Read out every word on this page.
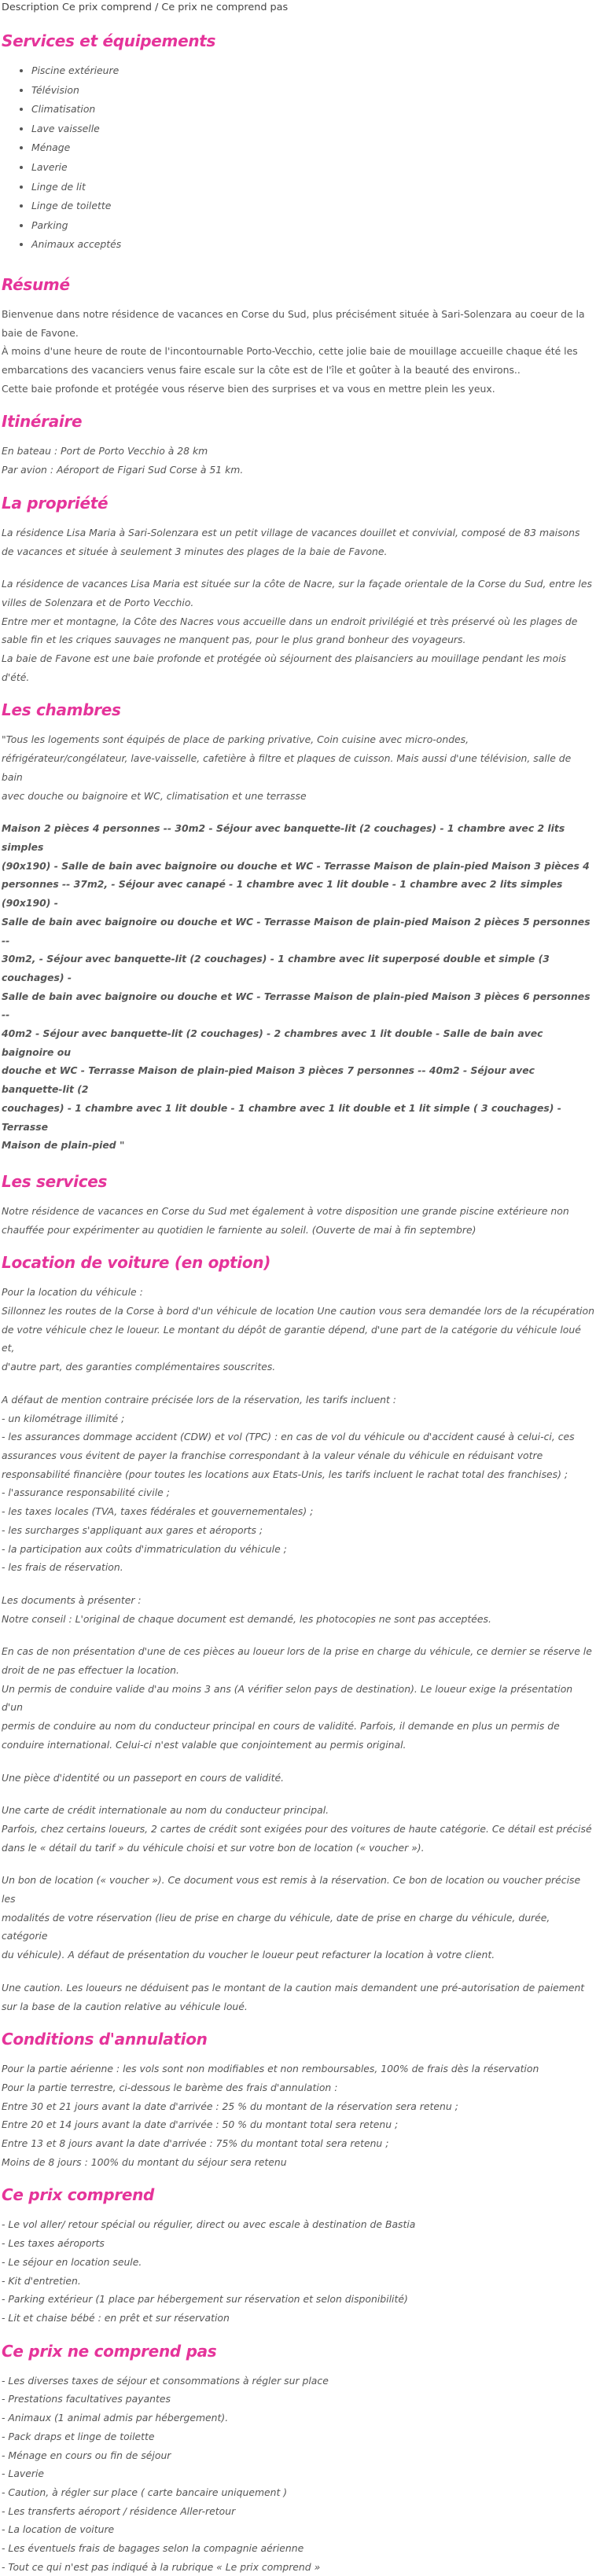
Description Ce prix comprend / Ce prix ne comprend pas

Services et équipements
• Piscine extérieure
• Télévision
• Climatisation
• Lave vaisselle
• Ménage
• Laverie
• Linge de lit
• Linge de toilette
• Parking
• Animaux acceptés
Résumé

Bienvenue dans notre résidence de vacances en Corse du Sud, plus précisément située à Sari-Solenzara au coeur de la

baie de Favone.

À moins d'une heure de route de l'incontournable Porto-Vecchio, cette jolie baie de mouillage accueille chaque été les

embarcations des vacanciers venus faire escale sur la côte est de l'île et goûter à la beauté des environs..

Cette baie profonde et protégée vous réserve bien des surprises et va vous en mettre plein les yeux.

Itinéraire

En bateau : Port de Porto Vecchio à 28 km

Par avion : Aéroport de Figari Sud Corse à 51 km.

La propriété

La résidence Lisa Maria à Sari-Solenzara est un petit village de vacances douillet et convivial, composé de 83 maisons

de vacances et située à seulement 3 minutes des plages de la baie de Favone.

La résidence de vacances Lisa Maria est située sur la côte de Nacre, sur la façade orientale de la Corse du Sud, entre les

villes de Solenzara et de Porto Vecchio.

Entre mer et montagne, la Côte des Nacres vous accueille dans un endroit privilégié et très préservé où les plages de

sable fin et les criques sauvages ne manquent pas, pour le plus grand bonheur des voyageurs.

La baie de Favone est une baie profonde et protégée où séjournent des plaisanciers au mouillage pendant les mois d'été.

Les chambres

"Tous les logements sont équipés de place de parking privative, Coin cuisine avec micro-ondes,

réfrigérateur/congélateur, lave-vaisselle, cafetière à filtre et plaques de cuisson. Mais aussi d'une télévision, salle de bain

avec douche ou baignoire et WC, climatisation et une terrasse

Maison 2 pièces 4 personnes -- 30m2 - Séjour avec banquette-lit (2 couchages) - 1 chambre avec 2 lits simples

(90x190) - Salle de bain avec baignoire ou douche et WC - Terrasse Maison de plain-pied Maison 3 pièces 4

personnes -- 37m2, - Séjour avec canapé - 1 chambre avec 1 lit double - 1 chambre avec 2 lits simples (90x190) -

Salle de bain avec baignoire ou douche et WC - Terrasse Maison de plain-pied Maison 2 pièces 5 personnes --

30m2, - Séjour avec banquette-lit (2 couchages) - 1 chambre avec lit superposé double et simple (3 couchages) -

Salle de bain avec baignoire ou douche et WC - Terrasse Maison de plain-pied Maison 3 pièces 6 personnes --

40m2 - Séjour avec banquette-lit (2 couchages) - 2 chambres avec 1 lit double - Salle de bain avec baignoire ou

douche et WC - Terrasse Maison de plain-pied Maison 3 pièces 7 personnes -- 40m2 - Séjour avec banquette-lit (2

couchages) - 1 chambre avec 1 lit double - 1 chambre avec 1 lit double et 1 lit simple ( 3 couchages) - Terrasse

Maison de plain-pied "

Les services

Notre résidence de vacances en Corse du Sud met également à votre disposition une grande piscine extérieure non

chauffée pour expérimenter au quotidien le farniente au soleil. (Ouverte de mai à fin septembre)

Location de voiture (en option)

Pour la location du véhicule :

Sillonnez les routes de la Corse à bord d'un véhicule de location Une caution vous sera demandée lors de la récupération

de votre véhicule chez le loueur. Le montant du dépôt de garantie dépend, d'une part de la catégorie du véhicule loué et,

d'autre part, des garanties complémentaires souscrites.

A défaut de mention contraire précisée lors de la réservation, les tarifs incluent :

- un kilométrage illimité ;

- les assurances dommage accident (CDW) et vol (TPC) : en cas de vol du véhicule ou d'accident causé à celui-ci, ces

assurances vous évitent de payer la franchise correspondant à la valeur vénale du véhicule en réduisant votre

responsabilité financière (pour toutes les locations aux Etats-Unis, les tarifs incluent le rachat total des franchises) ;

- l'assurance responsabilité civile ;

- les taxes locales (TVA, taxes fédérales et gouvernementales) ;

- les surcharges s'appliquant aux gares et aéroports ;

- la participation aux coûts d'immatriculation du véhicule ;

- les frais de réservation.

Les documents à présenter :

Notre conseil : L'original de chaque document est demandé, les photocopies ne sont pas acceptées.

En cas de non présentation d'une de ces pièces au loueur lors de la prise en charge du véhicule, ce dernier se réserve le

droit de ne pas effectuer la location.

Un permis de conduire valide d'au moins 3 ans (A vérifier selon pays de destination). Le loueur exige la présentation d'un

permis de conduire au nom du conducteur principal en cours de validité. Parfois, il demande en plus un permis de

conduire international. Celui-ci n'est valable que conjointement au permis original.

Une pièce d'identité ou un passeport en cours de validité.

Une carte de crédit internationale au nom du conducteur principal.

Parfois, chez certains loueurs, 2 cartes de crédit sont exigées pour des voitures de haute catégorie. Ce détail est précisé

dans le « détail du tarif » du véhicule choisi et sur votre bon de location (« voucher »).

Un bon de location (« voucher »). Ce document vous est remis à la réservation. Ce bon de location ou voucher précise les

modalités de votre réservation (lieu de prise en charge du véhicule, date de prise en charge du véhicule, durée, catégorie

du véhicule). A défaut de présentation du voucher le loueur peut refacturer la location à votre client.

Une caution. Les loueurs ne déduisent pas le montant de la caution mais demandent une pré-autorisation de paiement

sur la base de la caution relative au véhicule loué.

Conditions d'annulation

Pour la partie aérienne : les vols sont non modifiables et non remboursables, 100% de frais dès la réservation

Pour la partie terrestre, ci-dessous le barème des frais d'annulation :

Entre 30 et 21 jours avant la date d'arrivée : 25 % du montant de la réservation sera retenu ;

Entre 20 et 14 jours avant la date d'arrivée : 50 % du montant total sera retenu ;

Entre 13 et 8 jours avant la date d'arrivée : 75% du montant total sera retenu ;

Moins de 8 jours : 100% du montant du séjour sera retenu

Ce prix comprend

- Le vol aller/ retour spécial ou régulier, direct ou avec escale à destination de Bastia

- Les taxes aéroports

- Le séjour en location seule.

- Kit d'entretien.

- Parking extérieur (1 place par hébergement sur réservation et selon disponibilité)

- Lit et chaise bébé : en prêt et sur réservation

Ce prix ne comprend pas

- Les diverses taxes de séjour et consommations à régler sur place

- Prestations facultatives payantes

- Animaux (1 animal admis par hébergement).

- Pack draps et linge de toilette

- Ménage en cours ou fin de séjour

- Laverie

- Caution, à régler sur place ( carte bancaire uniquement )

- Les transferts aéroport / résidence Aller-retour

- La location de voiture

- Les éventuels frais de bagages selon la compagnie aérienne

- Tout ce qui n'est pas indiqué à la rubrique « Le prix comprend »
